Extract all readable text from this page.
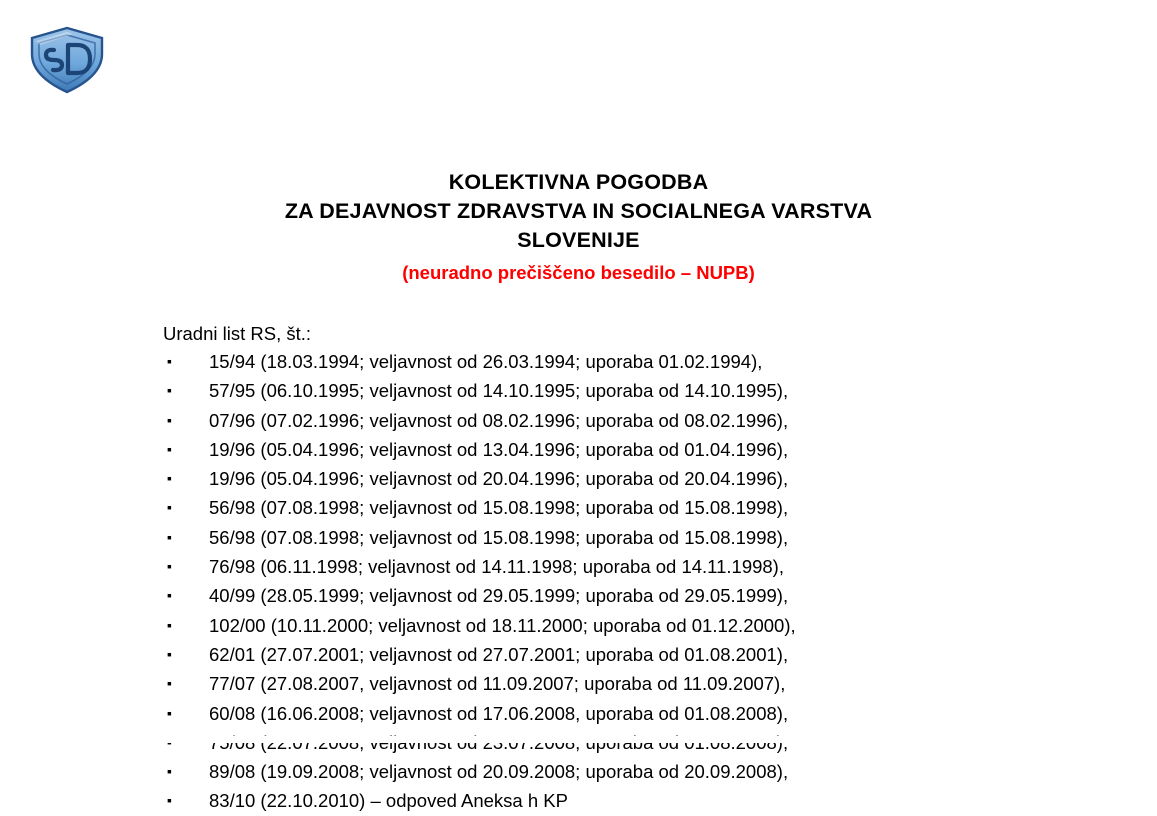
KOLEKTIVNA POGODBA
ZA DEJAVNOST ZDRAVSTVA IN SOCIALNEGA VARSTVA
SLOVENIJE
(neuradno prečiščeno besedilo – NUPB)
Uradni list RS, št.:
▪ 15/94 (18.03.1994; veljavnost od 26.03.1994; uporaba 01.02.1994),
▪ 57/95 (06.10.1995; veljavnost od 14.10.1995; uporaba od 14.10.1995),
▪ 07/96 (07.02.1996; veljavnost od 08.02.1996; uporaba od 08.02.1996),
▪ 19/96 (05.04.1996; veljavnost od 13.04.1996; uporaba od 01.04.1996),
▪ 19/96 (05.04.1996; veljavnost od 20.04.1996; uporaba od 20.04.1996),
▪ 56/98 (07.08.1998; veljavnost od 15.08.1998; uporaba od 15.08.1998),
▪ 56/98 (07.08.1998; veljavnost od 15.08.1998; uporaba od 15.08.1998),
▪ 76/98 (06.11.1998; veljavnost od 14.11.1998; uporaba od 14.11.1998),
▪ 40/99 (28.05.1999; veljavnost od 29.05.1999; uporaba od 29.05.1999),
▪ 102/00 (10.11.2000; veljavnost od 18.11.2000; uporaba od 01.12.2000),
▪ 62/01 (27.07.2001; veljavnost od 27.07.2001; uporaba od 01.08.2001),
▪ 77/07 (27.08.2007, veljavnost od 11.09.2007; uporaba od 11.09.2007),
▪ 60/08 (16.06.2008; veljavnost od 17.06.2008, uporaba od 01.08.2008),
▪ 89/08 (19.09.2008; veljavnost od 20.09.2008; uporaba od 20.09.2008),
▪ 83/10 (22.10.2010) – odpoved Aneksa h KP
